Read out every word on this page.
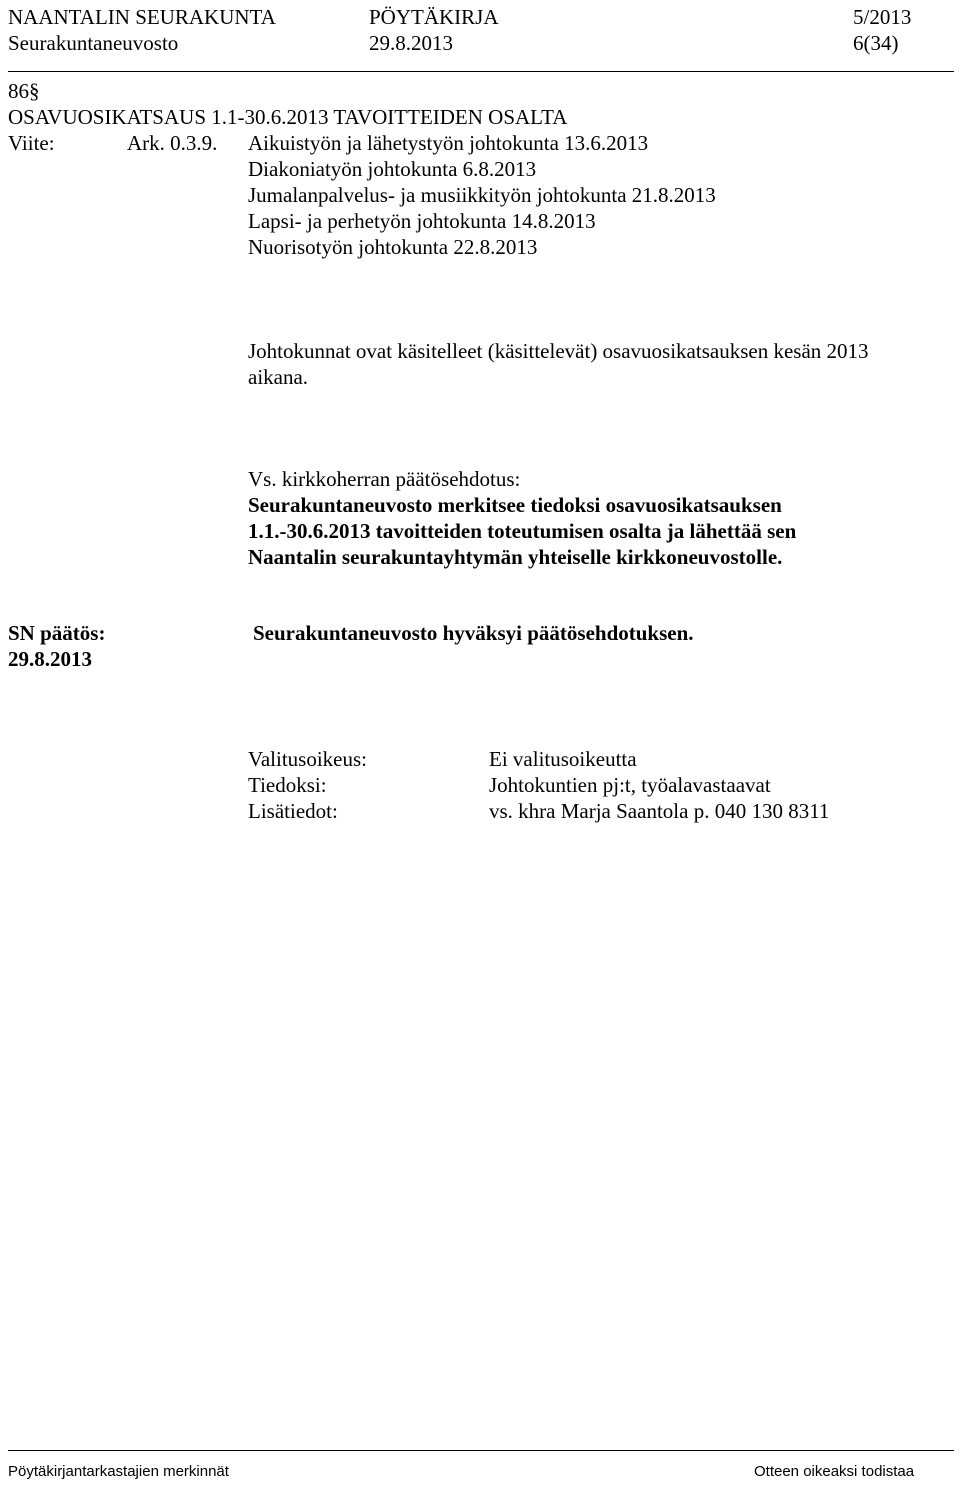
NAANTALIN SEURAKUNTA	PÖYTÄKIRJA	5/2013
Seurakuntaneuvosto	29.8.2013	6(34)
86§
OSAVUOSIKATSAUS 1.1-30.6.2013 TAVOITTEIDEN OSALTA
Viite:	Ark. 0.3.9. Aikuistyön ja lähetystyön johtokunta 13.6.2013
Diakoniatyön johtokunta 6.8.2013
Jumalanpalvelus- ja musiikkityön johtokunta 21.8.2013
Lapsi- ja perhetyön johtokunta 14.8.2013
Nuorisotyön johtokunta 22.8.2013
Johtokunnat ovat käsitelleet (käsittelevät) osavuosikatsauksen kesän 2013
aikana.
Vs. kirkkoherran päätösehdotus:
Seurakuntaneuvosto merkitsee tiedoksi osavuosikatsauksen
1.1.-30.6.2013 tavoitteiden toteutumisen osalta ja lähettää sen
Naantalin seurakuntayhtymän yhteiselle kirkkoneuvostolle.
SN päätös:
29.8.2013
Seurakuntaneuvosto hyväksyi päätösehdotuksen.
Valitusoikeus:	Ei valitusoikeutta
Tiedoksi:	Johtokuntien pj:t, työalavastaavat
Lisätiedot:	vs. khra Marja Saantola p. 040 130 8311
Pöytäkirjantarkastajien merkinnät	Otteen oikeaksi todistaa
